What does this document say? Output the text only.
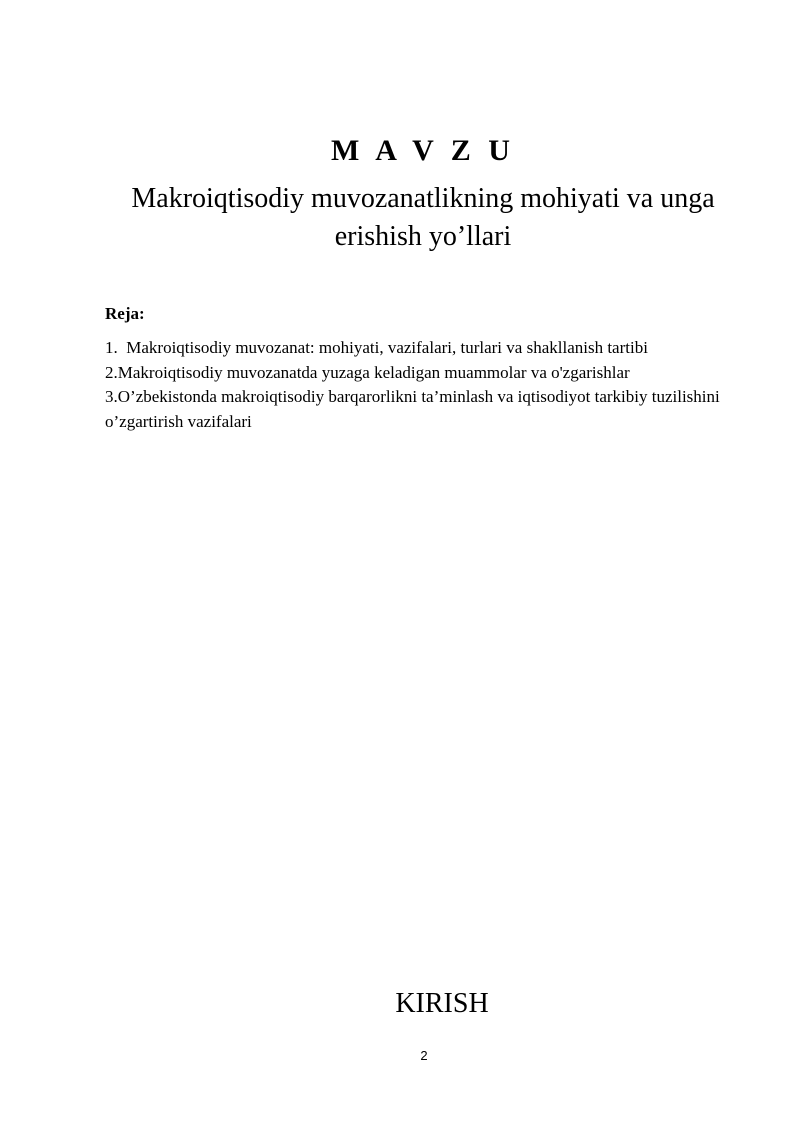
M A V Z U
Makroiqtisodiy muvozanatlikning mohiyati va unga
erishish yo’llari
Reja:
1.  Makroiqtisodiy muvozanat: mohiyati, vazifalari, turlari va shakllanish tartibi
2.Makroiqtisodiy muvozanatda yuzaga keladigan muammolar va o'zgarishlar
3.O’zbekistonda makroiqtisodiy barqarorlikni ta’minlash va iqtisodiyot tarkibiy tuzilishini o’zgartirish vazifalari
KIRISH
2
